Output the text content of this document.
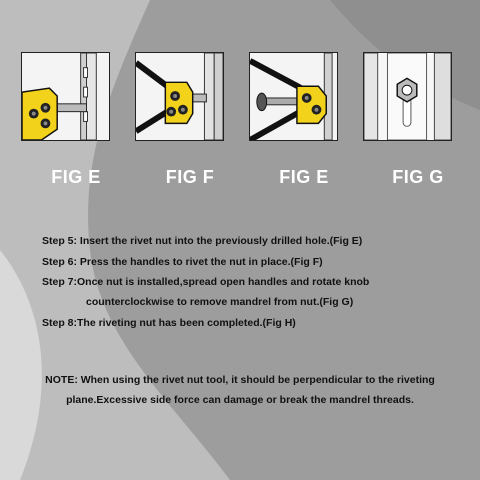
FIG E	FIG F	FIG E	FIG G
Step 5: Insert the rivet nut into the previously drilled hole.(Fig E)
Step 6: Press the handles to rivet the nut in place.(Fig F)
Step 7:Once nut is installed,spread open handles and rotate knob
counterclockwise to remove mandrel from nut.(Fig G)
Step 8:The riveting nut has been completed.(Fig H)
NOTE: When using the rivet nut tool, it should be perpendicular to the riveting plane.Excessive side force can damage or break the mandrel threads.
